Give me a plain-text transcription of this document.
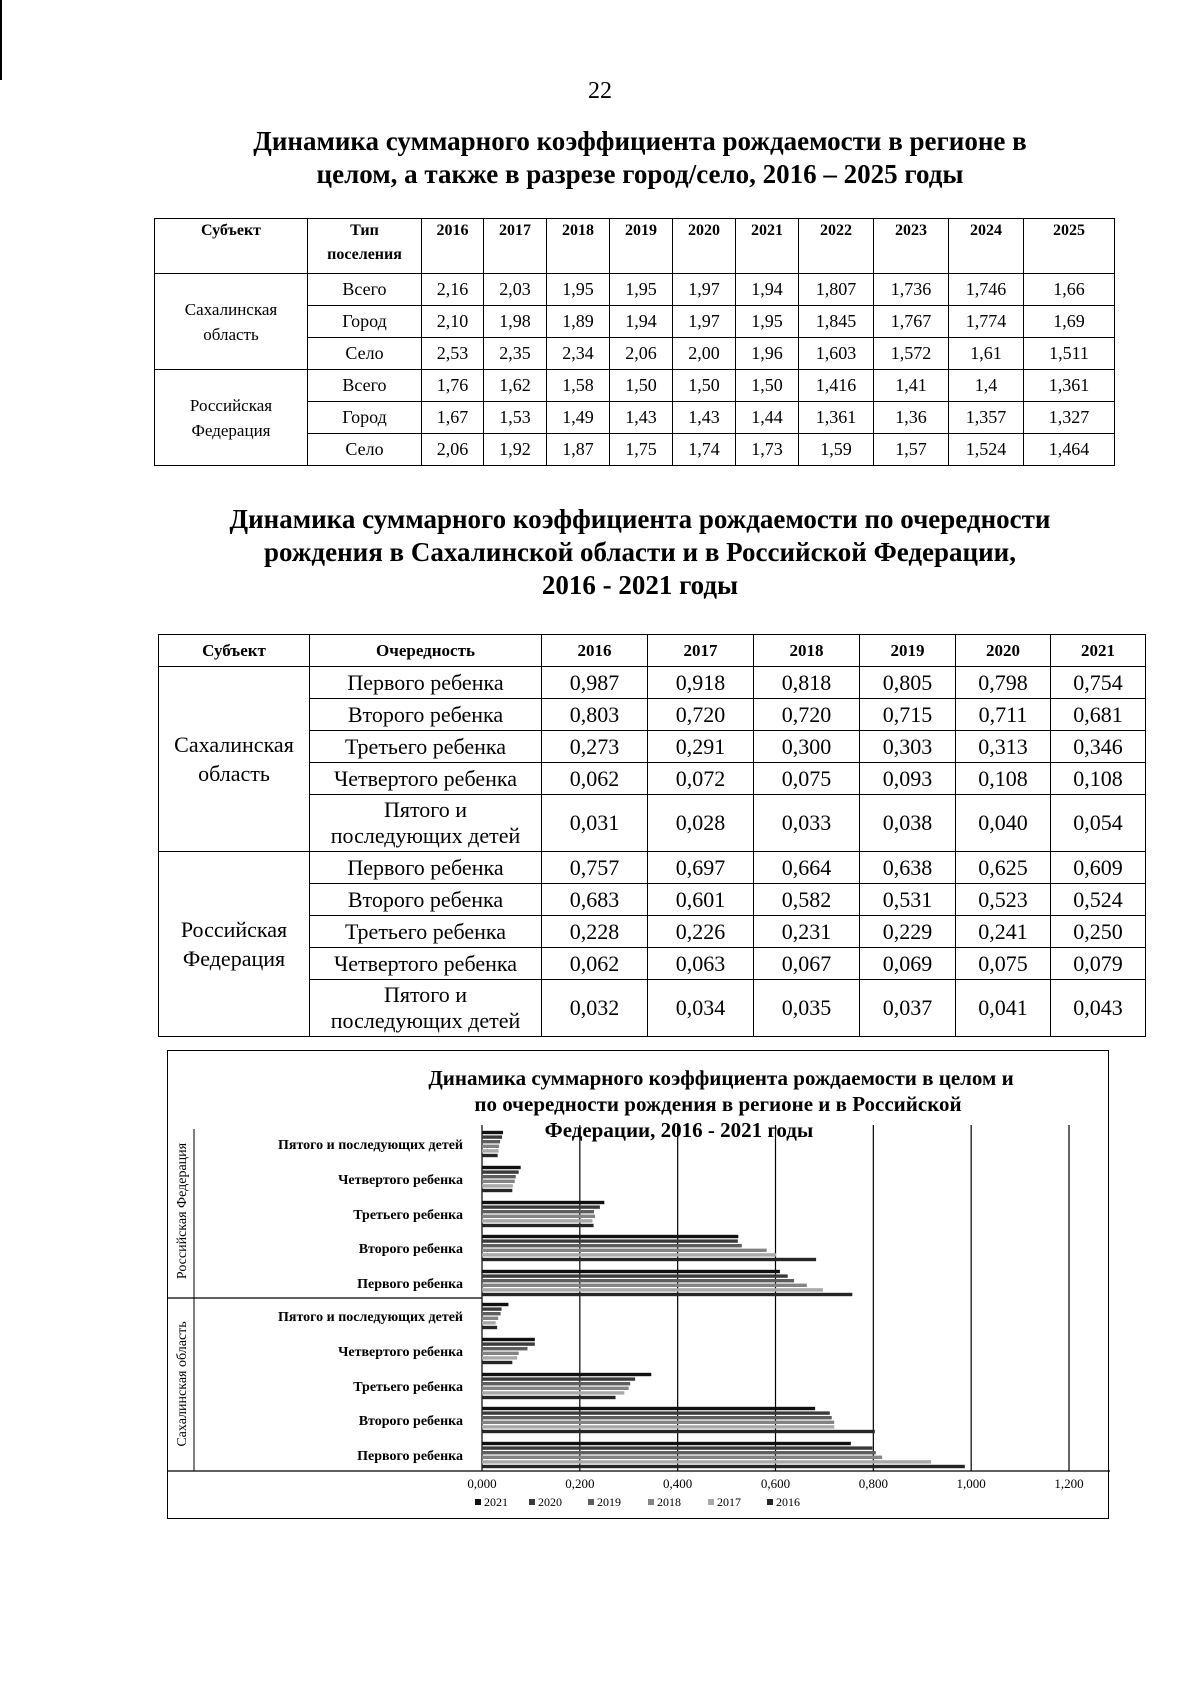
22
Динамика суммарного коэффициента рождаемости в регионе в
целом, а также в разрезе город/село, 2016 – 2025 годы
Субъект	Тип
поселения	2016	2017	2018	2019	2020	2021	2022	2023	2024	2025
Сахалинская
область	Всего	2,16	2,03	1,95	1,95	1,97	1,94	1,807	1,736	1,746	1,66
	Город	2,10	1,98	1,89	1,94	1,97	1,95	1,845	1,767	1,774	1,69
	Село	2,53	2,35	2,34	2,06	2,00	1,96	1,603	1,572	1,61	1,511
Российская
Федерация	Всего	1,76	1,62	1,58	1,50	1,50	1,50	1,416	1,41	1,4	1,361
	Город	1,67	1,53	1,49	1,43	1,43	1,44	1,361	1,36	1,357	1,327
	Село	2,06	1,92	1,87	1,75	1,74	1,73	1,59	1,57	1,524	1,464
Динамика суммарного коэффициента рождаемости по очередности
рождения в Сахалинской области и в Российской Федерации,
2016 - 2021 годы
Субъект	Очередность	2016	2017	2018	2019	2020	2021
Сахалинская
область	Первого ребенка	0,987	0,918	0,818	0,805	0,798	0,754
	Второго ребенка	0,803	0,720	0,720	0,715	0,711	0,681
	Третьего ребенка	0,273	0,291	0,300	0,303	0,313	0,346
	Четвертого ребенка	0,062	0,072	0,075	0,093	0,108	0,108
	Пятого и
последующих детей	0,031	0,028	0,033	0,038	0,040	0,054
Российская
Федерация	Первого ребенка	0,757	0,697	0,664	0,638	0,625	0,609
	Второго ребенка	0,683	0,601	0,582	0,531	0,523	0,524
	Третьего ребенка	0,228	0,226	0,231	0,229	0,241	0,250
	Четвертого ребенка	0,062	0,063	0,067	0,069	0,075	0,079
	Пятого и
последующих детей	0,032	0,034	0,035	0,037	0,041	0,043
Динамика суммарного коэффициента рождаемости в целом и
по очередности рождения в регионе и в Российской
Федерации, 2016 - 2021 годы
Российская Федерация	Пятого и последующих детей
Четвертого ребенка
Третьего ребенка
Второго ребенка
Первого ребенка
Сахалинская область
Пятого и последующих детей
Четвертого ребенка
Третьего ребенка
Второго ребенка
Первого ребенка
0,000	0,200	0,400	0,600	0,800	1,000	1,200
2021	2020	2019	2018	2017	2016
